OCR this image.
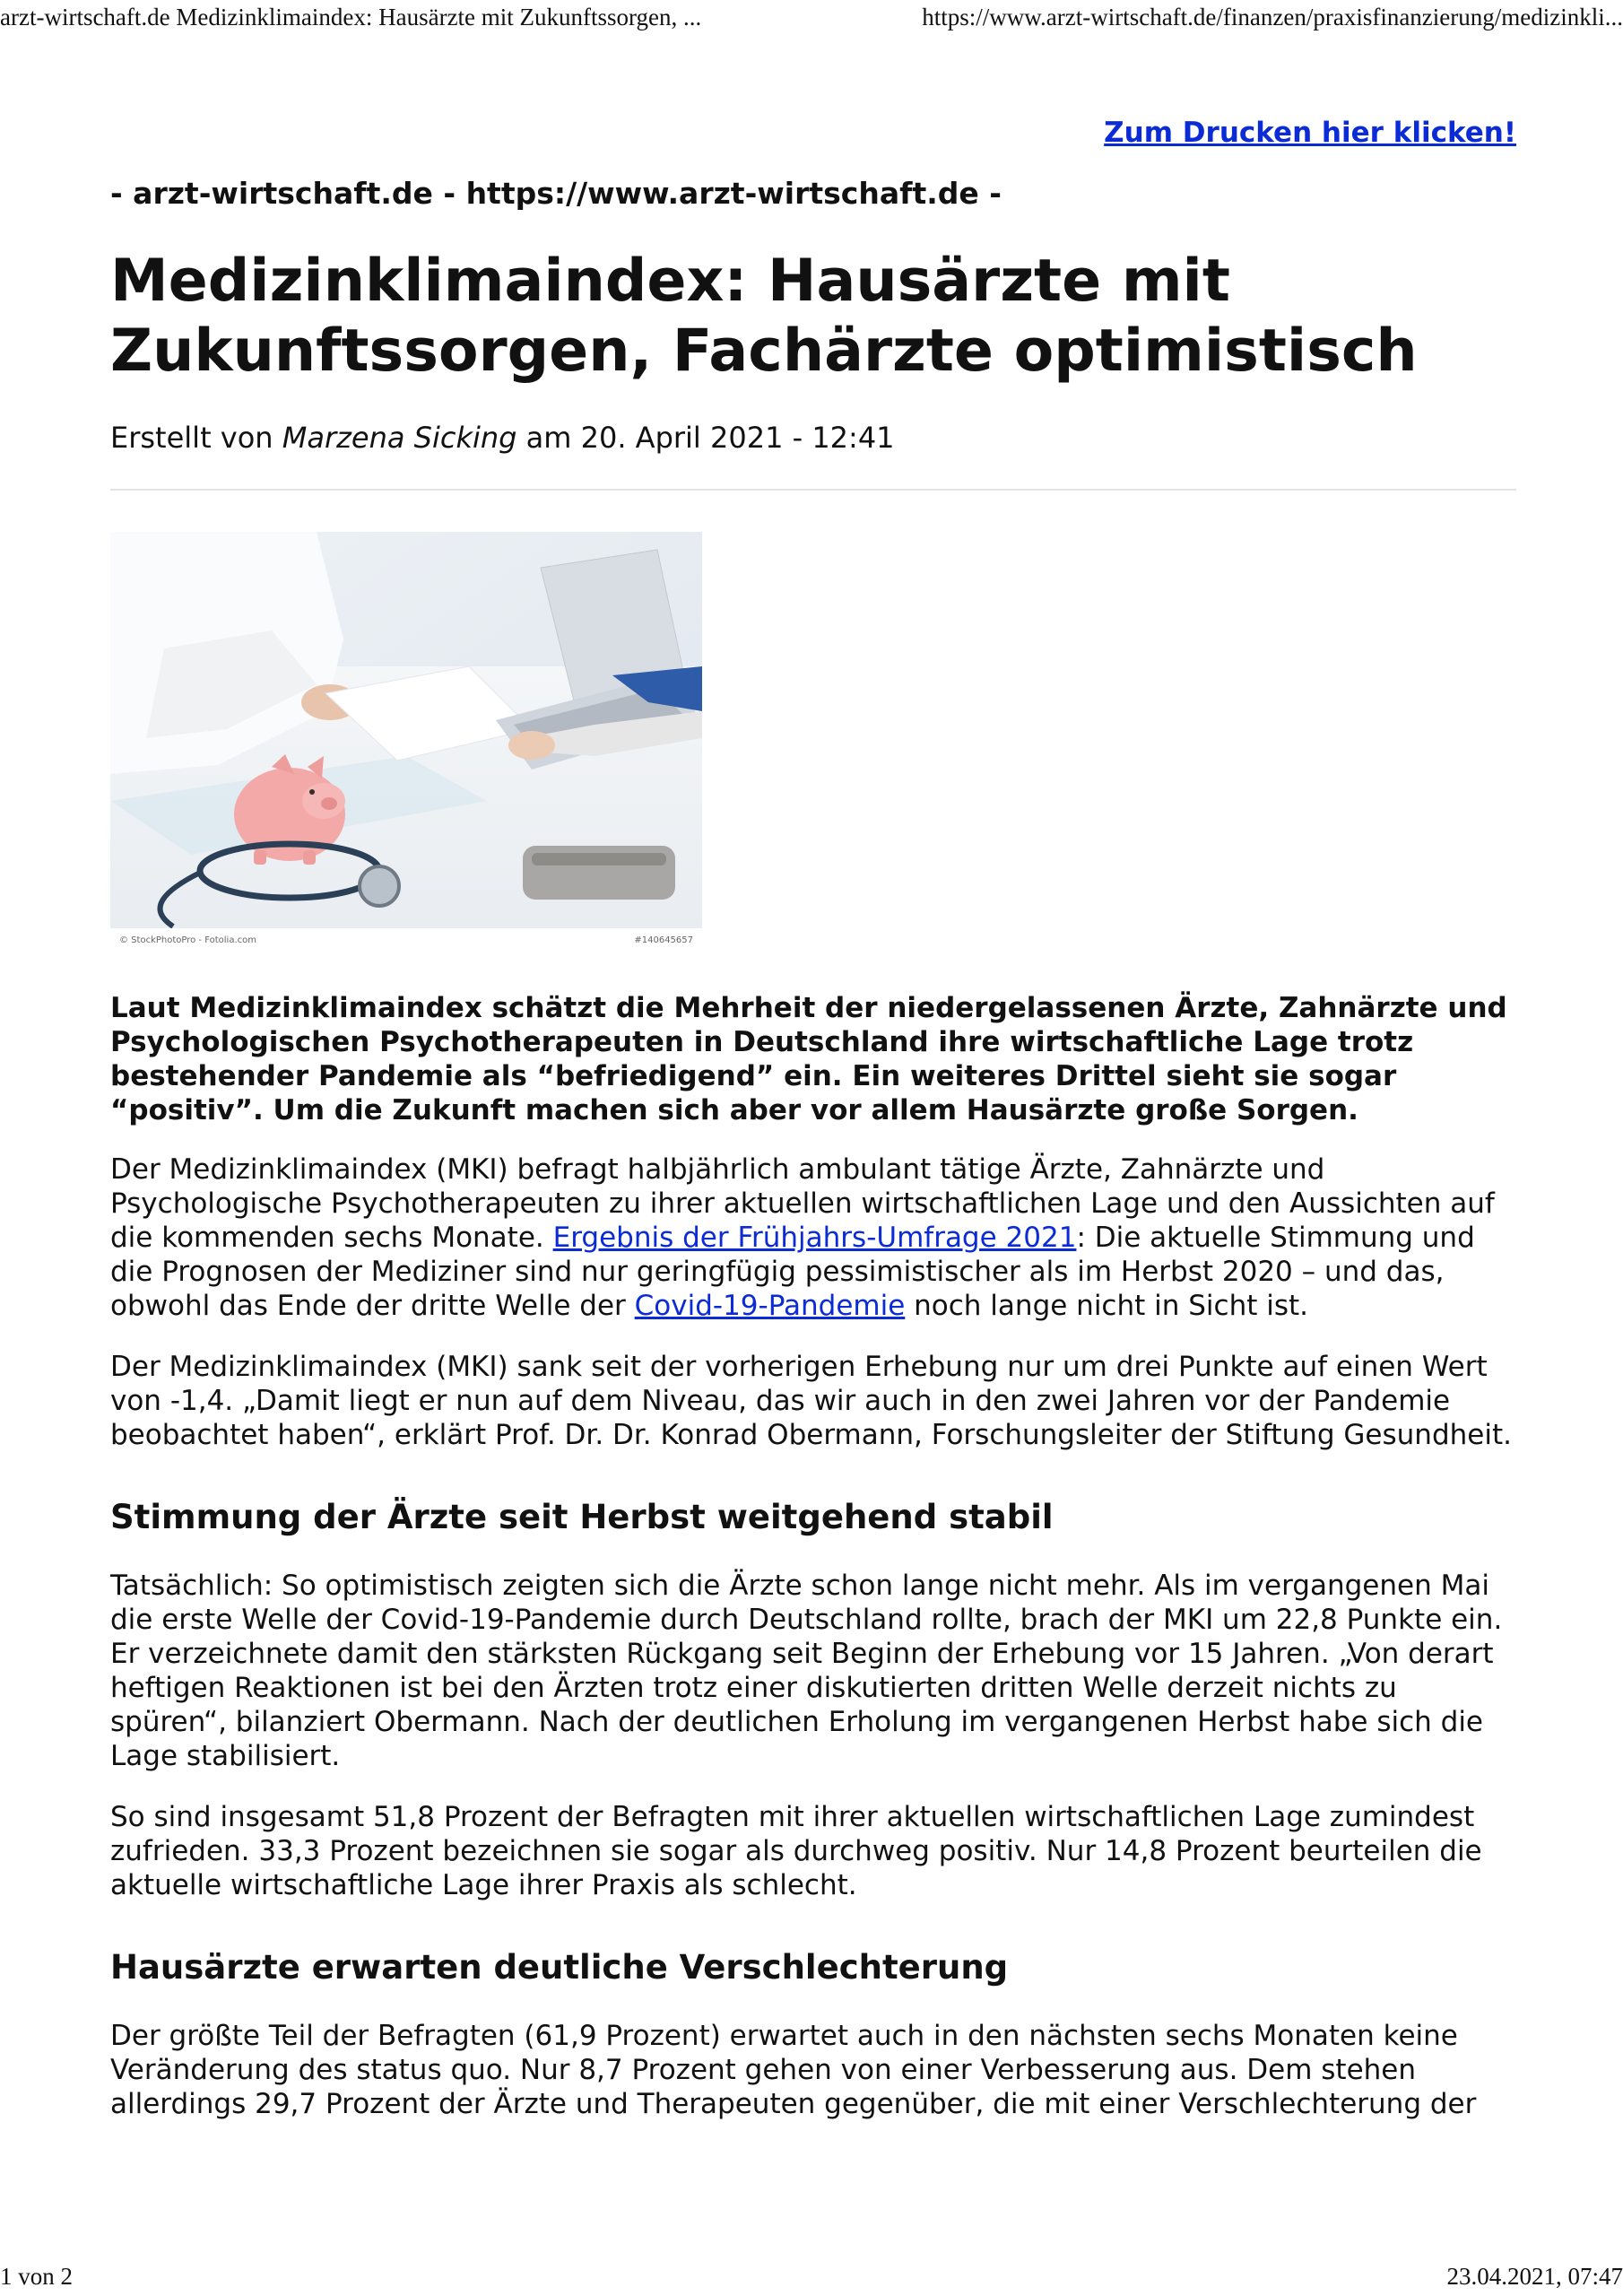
arzt-wirtschaft.de Medizinklimaindex: Hausärzte mit Zukunftssorgen, ...	https://www.arzt-wirtschaft.de/finanzen/praxisfinanzierung/medizinkli...
Zum Drucken hier klicken!
- arzt-wirtschaft.de - https://www.arzt-wirtschaft.de -
Medizinklimaindex: Hausärzte mit Zukunftssorgen, Fachärzte optimistisch
Erstellt von Marzena Sicking am 20. April 2021 - 12:41
© StockPhotoPro - Fotolia.com	#140645657

Laut Medizinklimaindex schätzt die Mehrheit der niedergelassenen Ärzte, Zahnärzte und Psychologischen Psychotherapeuten in Deutschland ihre wirtschaftliche Lage trotz bestehender Pandemie als “befriedigend” ein. Ein weiteres Drittel sieht sie sogar “positiv”. Um die Zukunft machen sich aber vor allem Hausärzte große Sorgen.

Der Medizinklimaindex (MKI) befragt halbjährlich ambulant tätige Ärzte, Zahnärzte und Psychologische Psychotherapeuten zu ihrer aktuellen wirtschaftlichen Lage und den Aussichten auf die kommenden sechs Monate. Ergebnis der Frühjahrs-Umfrage 2021: Die aktuelle Stimmung und die Prognosen der Mediziner sind nur geringfügig pessimistischer als im Herbst 2020 – und das, obwohl das Ende der dritte Welle der Covid-19-Pandemie noch lange nicht in Sicht ist.

Der Medizinklimaindex (MKI) sank seit der vorherigen Erhebung nur um drei Punkte auf einen Wert von -1,4. „Damit liegt er nun auf dem Niveau, das wir auch in den zwei Jahren vor der Pandemie beobachtet haben“, erklärt Prof. Dr. Dr. Konrad Obermann, Forschungsleiter der Stiftung Gesundheit.

Stimmung der Ärzte seit Herbst weitgehend stabil

Tatsächlich: So optimistisch zeigten sich die Ärzte schon lange nicht mehr. Als im vergangenen Mai die erste Welle der Covid-19-Pandemie durch Deutschland rollte, brach der MKI um 22,8 Punkte ein. Er verzeichnete damit den stärksten Rückgang seit Beginn der Erhebung vor 15 Jahren. „Von derart heftigen Reaktionen ist bei den Ärzten trotz einer diskutierten dritten Welle derzeit nichts zu spüren“, bilanziert Obermann. Nach der deutlichen Erholung im vergangenen Herbst habe sich die Lage stabilisiert.

So sind insgesamt 51,8 Prozent der Befragten mit ihrer aktuellen wirtschaftlichen Lage zumindest zufrieden. 33,3 Prozent bezeichnen sie sogar als durchweg positiv. Nur 14,8 Prozent beurteilen die aktuelle wirtschaftliche Lage ihrer Praxis als schlecht.

Hausärzte erwarten deutliche Verschlechterung

Der größte Teil der Befragten (61,9 Prozent) erwartet auch in den nächsten sechs Monaten keine Veränderung des status quo. Nur 8,7 Prozent gehen von einer Verbesserung aus. Dem stehen allerdings 29,7 Prozent der Ärzte und Therapeuten gegenüber, die mit einer Verschlechterung der

1 von 2	23.04.2021, 07:47
